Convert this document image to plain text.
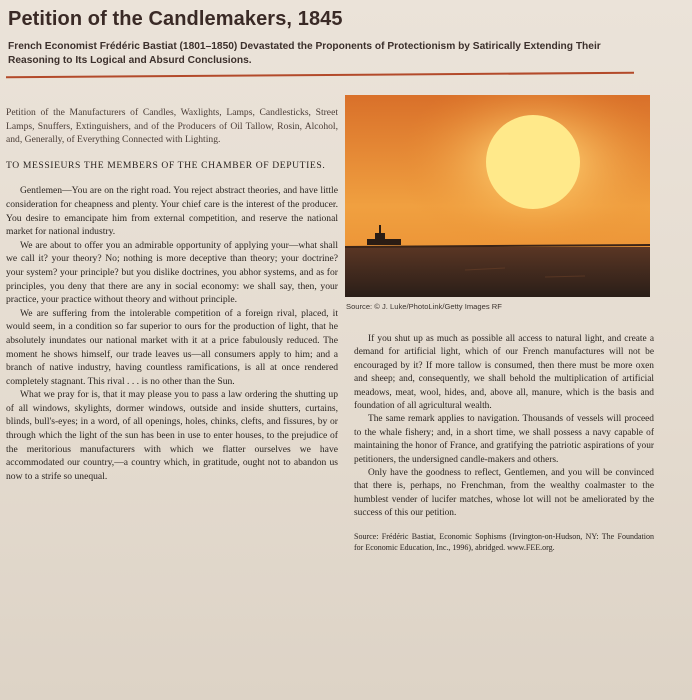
Petition of the Candlemakers, 1845

French Economist Frédéric Bastiat (1801–1850) Devastated the Proponents of Protectionism by Satirically Extending Their Reasoning to Its Logical and Absurd Conclusions.

Petition of the Manufacturers of Candles, Waxlights, Lamps, Candlesticks, Street Lamps, Snuffers, Extinguishers, and of the Producers of Oil Tallow, Rosin, Alcohol, and, Generally, of Everything Connected with Lighting.

TO MESSIEURS THE MEMBERS OF THE CHAMBER OF DEPUTIES.

Gentlemen—You are on the right road. You reject abstract theories, and have little consideration for cheapness and plenty. Your chief care is the interest of the producer. You desire to emancipate him from external competition, and reserve the national market for national industry.

We are about to offer you an admirable opportunity of applying your—what shall we call it? your theory? No; nothing is more deceptive than theory; your doctrine? your system? your principle? but you dislike doctrines, you abhor systems, and as for principles, you deny that there are any in social economy: we shall say, then, your practice, your practice without theory and without principle.

We are suffering from the intolerable competition of a foreign rival, placed, it would seem, in a condition so far superior to ours for the production of light, that he absolutely inundates our national market with it at a price fabulously reduced. The moment he shows himself, our trade leaves us—all consumers apply to him; and a branch of native industry, having countless ramifications, is all at once rendered completely stagnant. This rival . . . is no other than the Sun.

What we pray for is, that it may please you to pass a law ordering the shutting up of all windows, skylights, dormer windows, outside and inside shutters, curtains, blinds, bull's-eyes; in a word, of all openings, holes, chinks, clefts, and fissures, by or through which the light of the sun has been in use to enter houses, to the prejudice of the meritorious manufacturers with which we flatter ourselves we have accommodated our country,—a country which, in gratitude, ought not to abandon us now to a strife so unequal.

Source: © J. Luke/PhotoLink/Getty Images RF

If you shut up as much as possible all access to natural light, and create a demand for artificial light, which of our French manufactures will not be encouraged by it? If more tallow is consumed, then there must be more oxen and sheep; and, consequently, we shall behold the multiplication of artificial meadows, meat, wool, hides, and, above all, manure, which is the basis and foundation of all agricultural wealth.

The same remark applies to navigation. Thousands of vessels will proceed to the whale fishery; and, in a short time, we shall possess a navy capable of maintaining the honor of France, and gratifying the patriotic aspirations of your petitioners, the undersigned candle-makers and others.

Only have the goodness to reflect, Gentlemen, and you will be convinced that there is, perhaps, no Frenchman, from the wealthy coalmaster to the humblest vender of lucifer matches, whose lot will not be ameliorated by the success of this our petition.

Source: Frédéric Bastiat, Economic Sophisms (Irvington-on-Hudson, NY: The Foundation for Economic Education, Inc., 1996), abridged. www.FEE.org.
